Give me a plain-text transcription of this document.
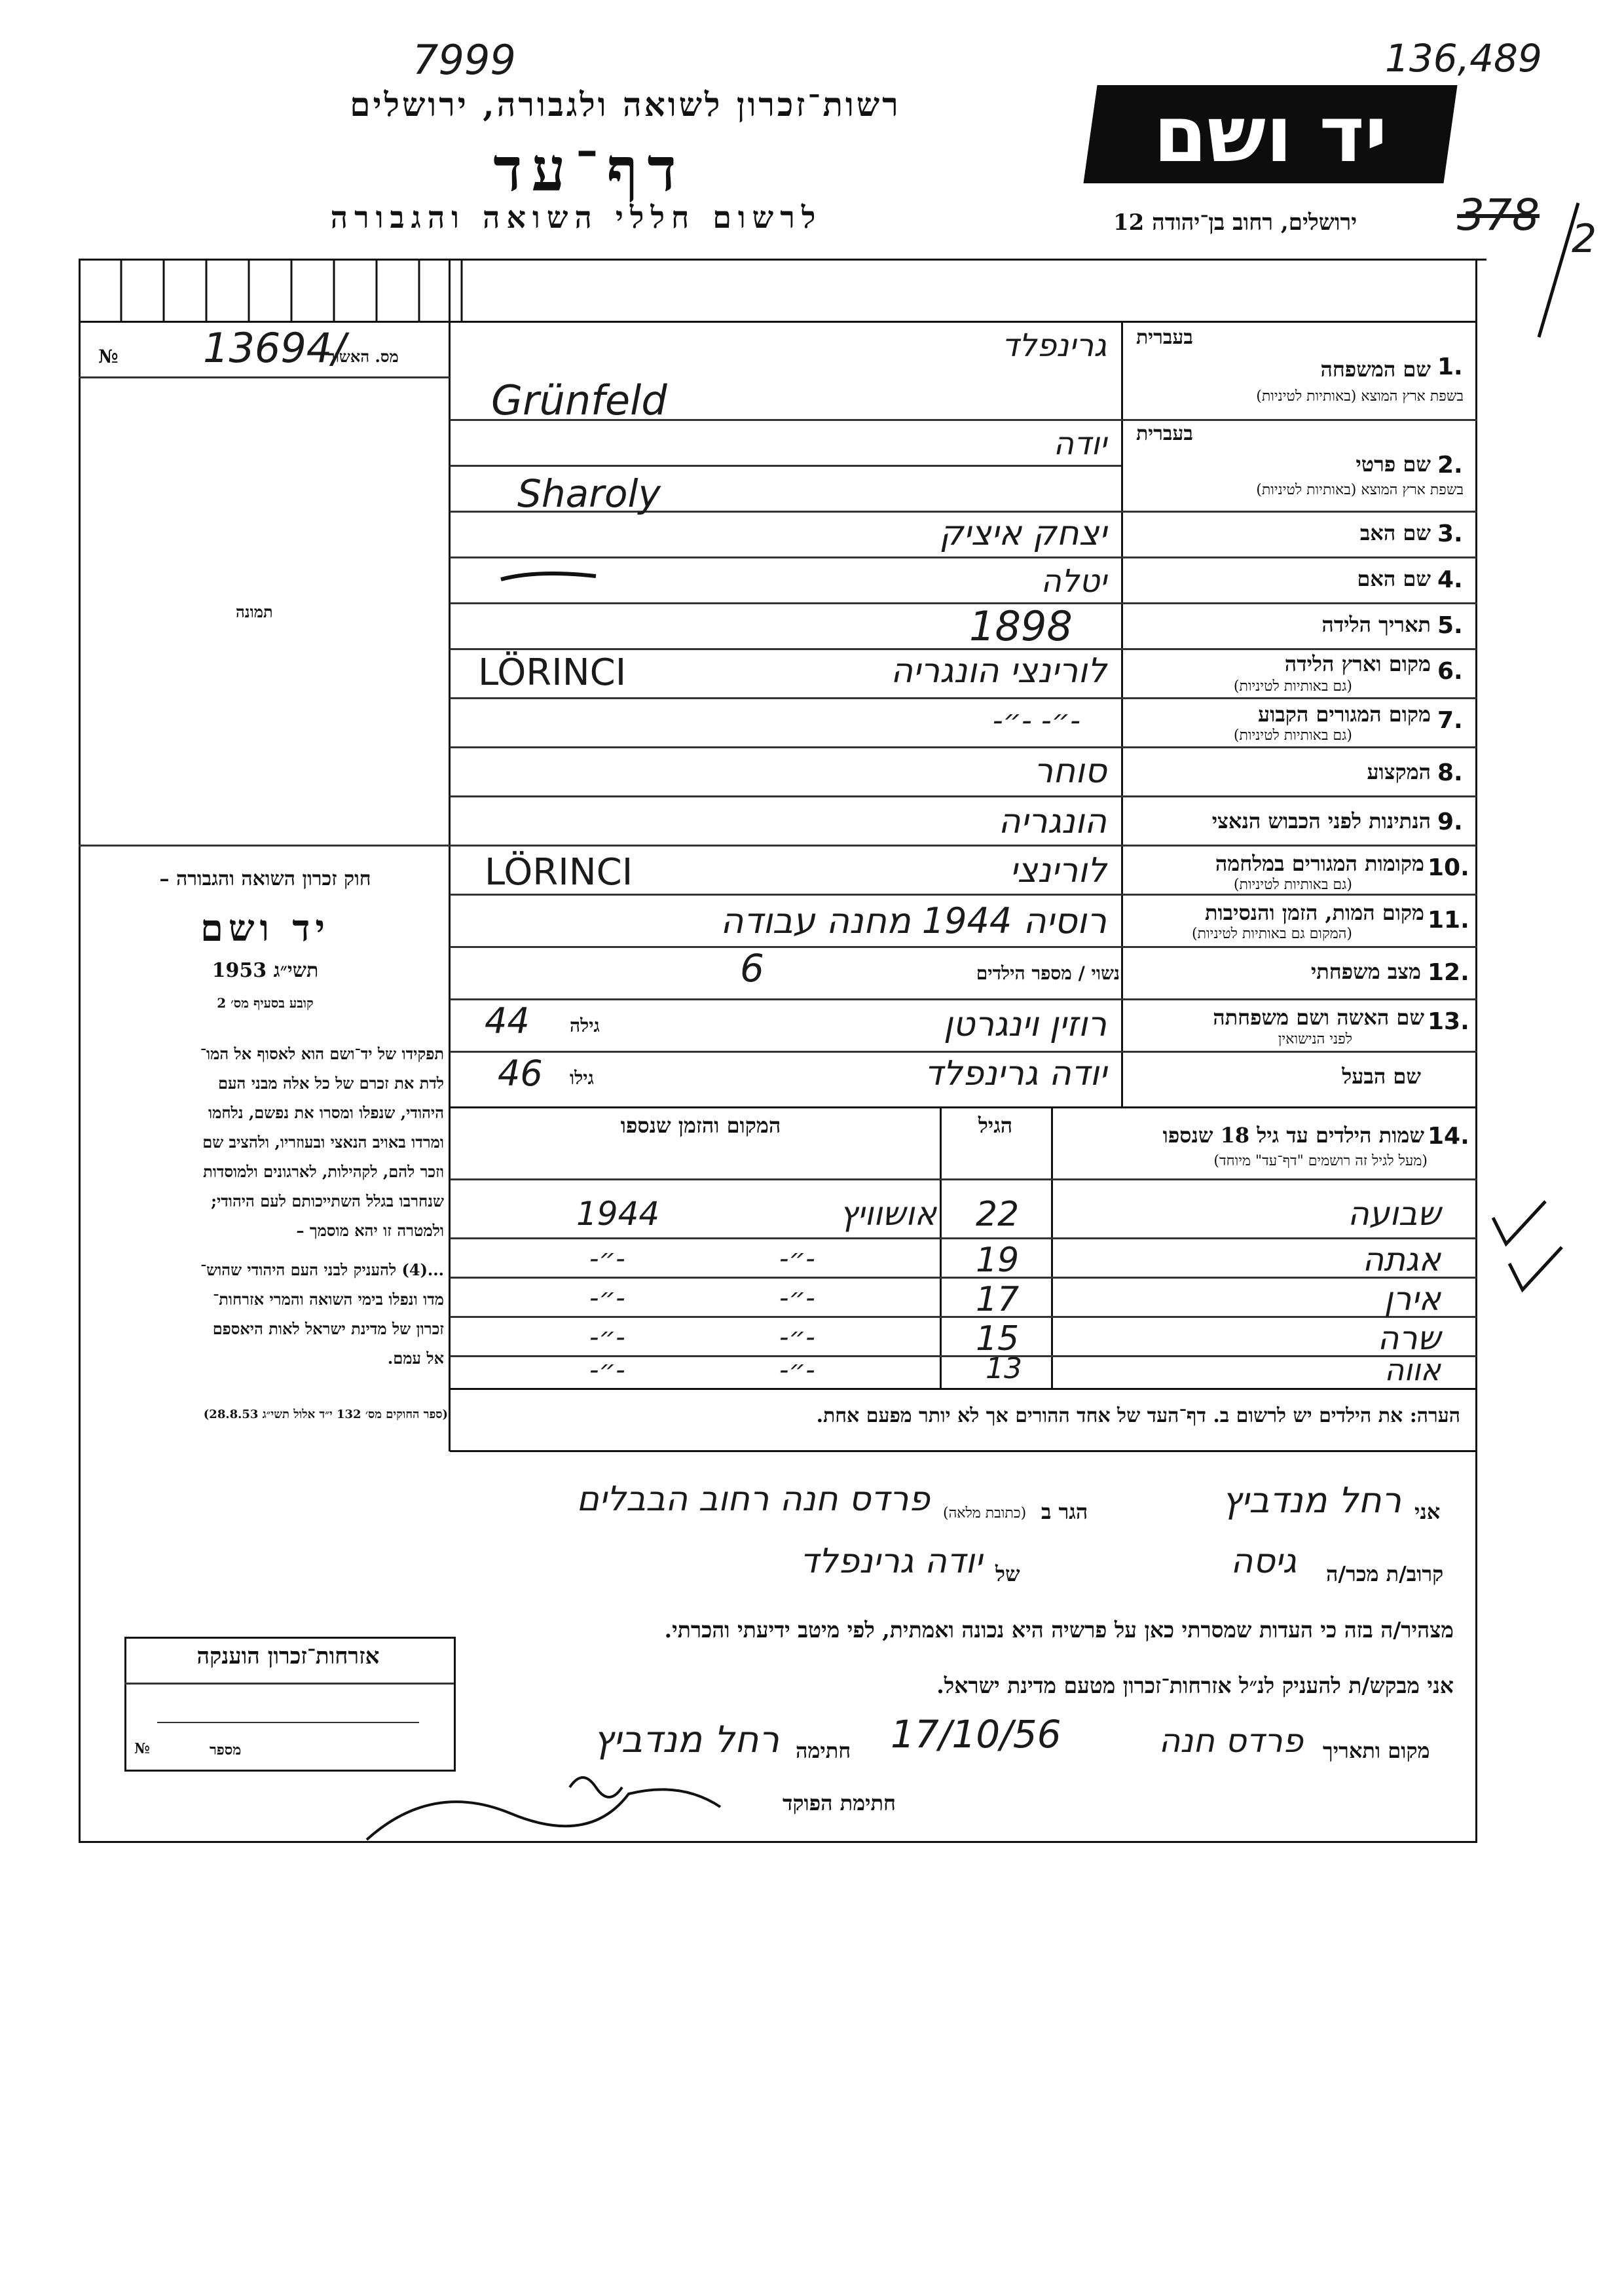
7999	136,489
רשות־זכרון לשואה ולגבורה, ירושלים
דף־עד
לרשום חללי השואה והגבורה
יד ושם
ירושלים, רחוב בן־יהודה 12	378 2
מס. האשור
13694/
№
תמונה
חוק זכרון השואה והגבורה –
יד ושם
תשי״ג 1953
קובע בסעיף מס׳ 2
תפקידו של יד־ושם הוא לאסוף אל המו־
לדת את זכרם של כל אלה מבני העם
היהודי, שנפלו ומסרו את נפשם, נלחמו
ומרדו באויב הנאצי ובעוזריו, ולהציב שם
וזכר להם, לקהילות, לארגונים ולמוסדות
שנחרבו בגלל השתייכותם לעם היהודי;
ולמטרה זו יהא מוסמך –
...(4) להעניק לבני העם היהודי שהוש־
מדו ונפלו בימי השואה והמרי אזרחות־
זכרון של מדינת ישראל לאות היאספם
אל עמם.
(ספר החוקים מס׳ 132 י״ד אלול תשי״ג 28.8.53)
בעברית
1.
שם המשפחה
בשפת ארץ המוצא (באותיות לטיניות)
גרינפלד
Grünfeld
בעברית
2.
שם פרטי
בשפת ארץ המוצא (באותיות לטיניות)
יודה
Sharoly
3.
שם האב
יצחק איציק
4.
שם האם
יטלה
5.
תאריך הלידה
1898
6.
מקום וארץ הלידה
(גם באותיות לטיניות)
לורינצי הונגריה
LÖRINCI
7.
מקום המגורים הקבוע
(גם באותיות לטיניות)
-״- -״-
8.
המקצוע
סוחר
9.
הנתינות לפני הכבוש הנאצי
הונגריה
10.
מקומות המגורים במלחמה
(גם באותיות לטיניות)
לורינצי
LÖRINCI
11.
מקום המות, הזמן והנסיבות
(המקום גם באותיות לטיניות)
רוסיה 1944 מחנה עבודה
12.
מצב משפחתי
נשוי / מספר הילדים
6
13.
שם האשה ושם משפחתה
לפני הנישואין
רוזין וינגרטן
גילה
44
שם הבעל
יודה גרינפלד
גילו
46
14.
שמות הילדים עד גיל 18 שנספו
(מעל לגיל זה רושמים "דף־עד" מיוחד)
הגיל
המקום והזמן שנספו
שבועה
22
אושוויץ
1944
אגתה
19
-״-
-״-
אירן
17
-״-
-״-
שרה
15
-״-
-״-
אווה
13
-״-
-״-
הערה: את הילדים יש לרשום ב. דף־העד של אחד ההורים אך לא יותר מפעם אחת.
אני
רחל מנדביץ
הגר ב
(כתובת מלאה)
פרדס חנה רחוב הבבלים
קרוב/ת מכר/ה
גיסה
של
יודה גרינפלד
מצהיר/ה בזה כי העדות שמסרתי כאן על פרשיה היא נכונה ואמתית, לפי מיטב ידיעתי והכרתי.
אני מבקש/ת להעניק לנ״ל אזרחות־זכרון מטעם מדינת ישראל.
מקום ותאריך
פרדס חנה
17/10/56
חתימה
רחל מנדביץ
חתימת הפוקד
אזרחות־זכרון הוענקה
מספר
№
